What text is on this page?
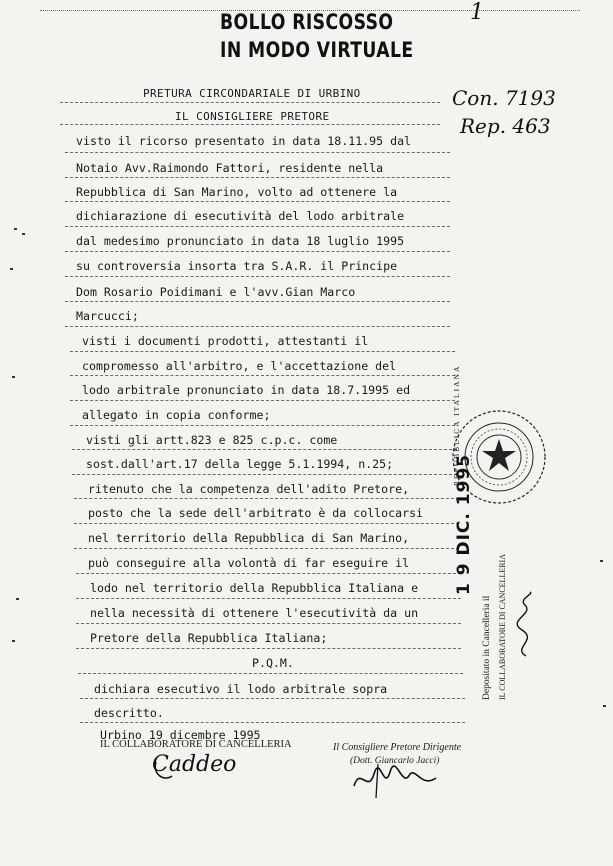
1
BOLLO RISCOSSO
IN MODO VIRTUALE
PRETURA CIRCONDARIALE DI URBINO
IL CONSIGLIERE PRETORE
Con. 7193
Rep. 463
visto il ricorso presentato in data 18.11.95 dal
Notaio Avv.Raimondo Fattori, residente nella
Repubblica di San Marino, volto ad ottenere la
dichiarazione di esecutività del lodo arbitrale
dal medesimo pronunciato in data 18 luglio 1995
su controversia insorta tra S.A.R. il Principe
Dom Rosario Poidimani e l'avv.Gian Marco
Marcucci;
visti i documenti prodotti, attestanti il
compromesso all'arbitro, e l'accettazione del
lodo arbitrale pronunciato in data 18.7.1995 ed
allegato in copia conforme;
visti gli artt.823 e 825 c.p.c. come
sost.dall'art.17 della legge 5.1.1994, n.25;
ritenuto che la competenza dell'adito Pretore,
posto che la sede dell'arbitrato è da collocarsi
nel territorio della Repubblica di San Marino,
può conseguire alla volontà di far eseguire il
lodo nel territorio della Repubblica Italiana e
nella necessità di ottenere l'esecutività da un
Pretore della Repubblica Italiana;
P.Q.M.
dichiara esecutivo il lodo arbitrale sopra
descritto.
Urbino 19 dicembre 1995
IL COLLABORATORE DI CANCELLERIA
Caddeo
Il Consigliere Pretore Dirigente
(Dott. Giancarlo Jacci)
REPUBBLICA ITALIANA
1 9 DIC. 1995
Depositato in Cancelleria il IL COLLABORATORE DI CANCELLERIA
